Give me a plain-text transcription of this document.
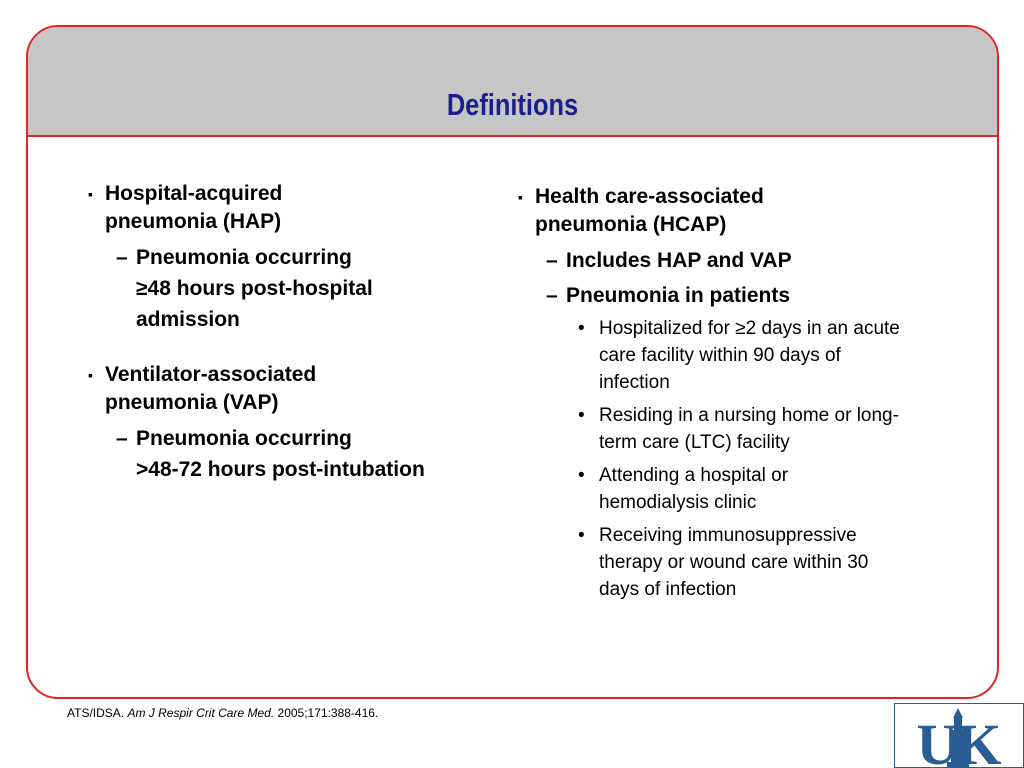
Definitions
▪ Hospital-acquired
pneumonia (HAP)
– Pneumonia occurring
≥48 hours post-hospital
admission
▪ Ventilator-associated
pneumonia (VAP)
– Pneumonia occurring
>48-72 hours post-intubation
▪ Health care-associated
pneumonia (HCAP)
– Includes HAP and VAP
– Pneumonia in patients
• Hospitalized for ≥2 days in an acute
care facility within 90 days of
infection
• Residing in a nursing home or long-
term care (LTC) facility
• Attending a hospital or
hemodialysis clinic
• Receiving immunosuppressive
therapy or wound care within 30
days of infection
ATS/IDSA. Am J Respir Crit Care Med. 2005;171:388-416.	UK
